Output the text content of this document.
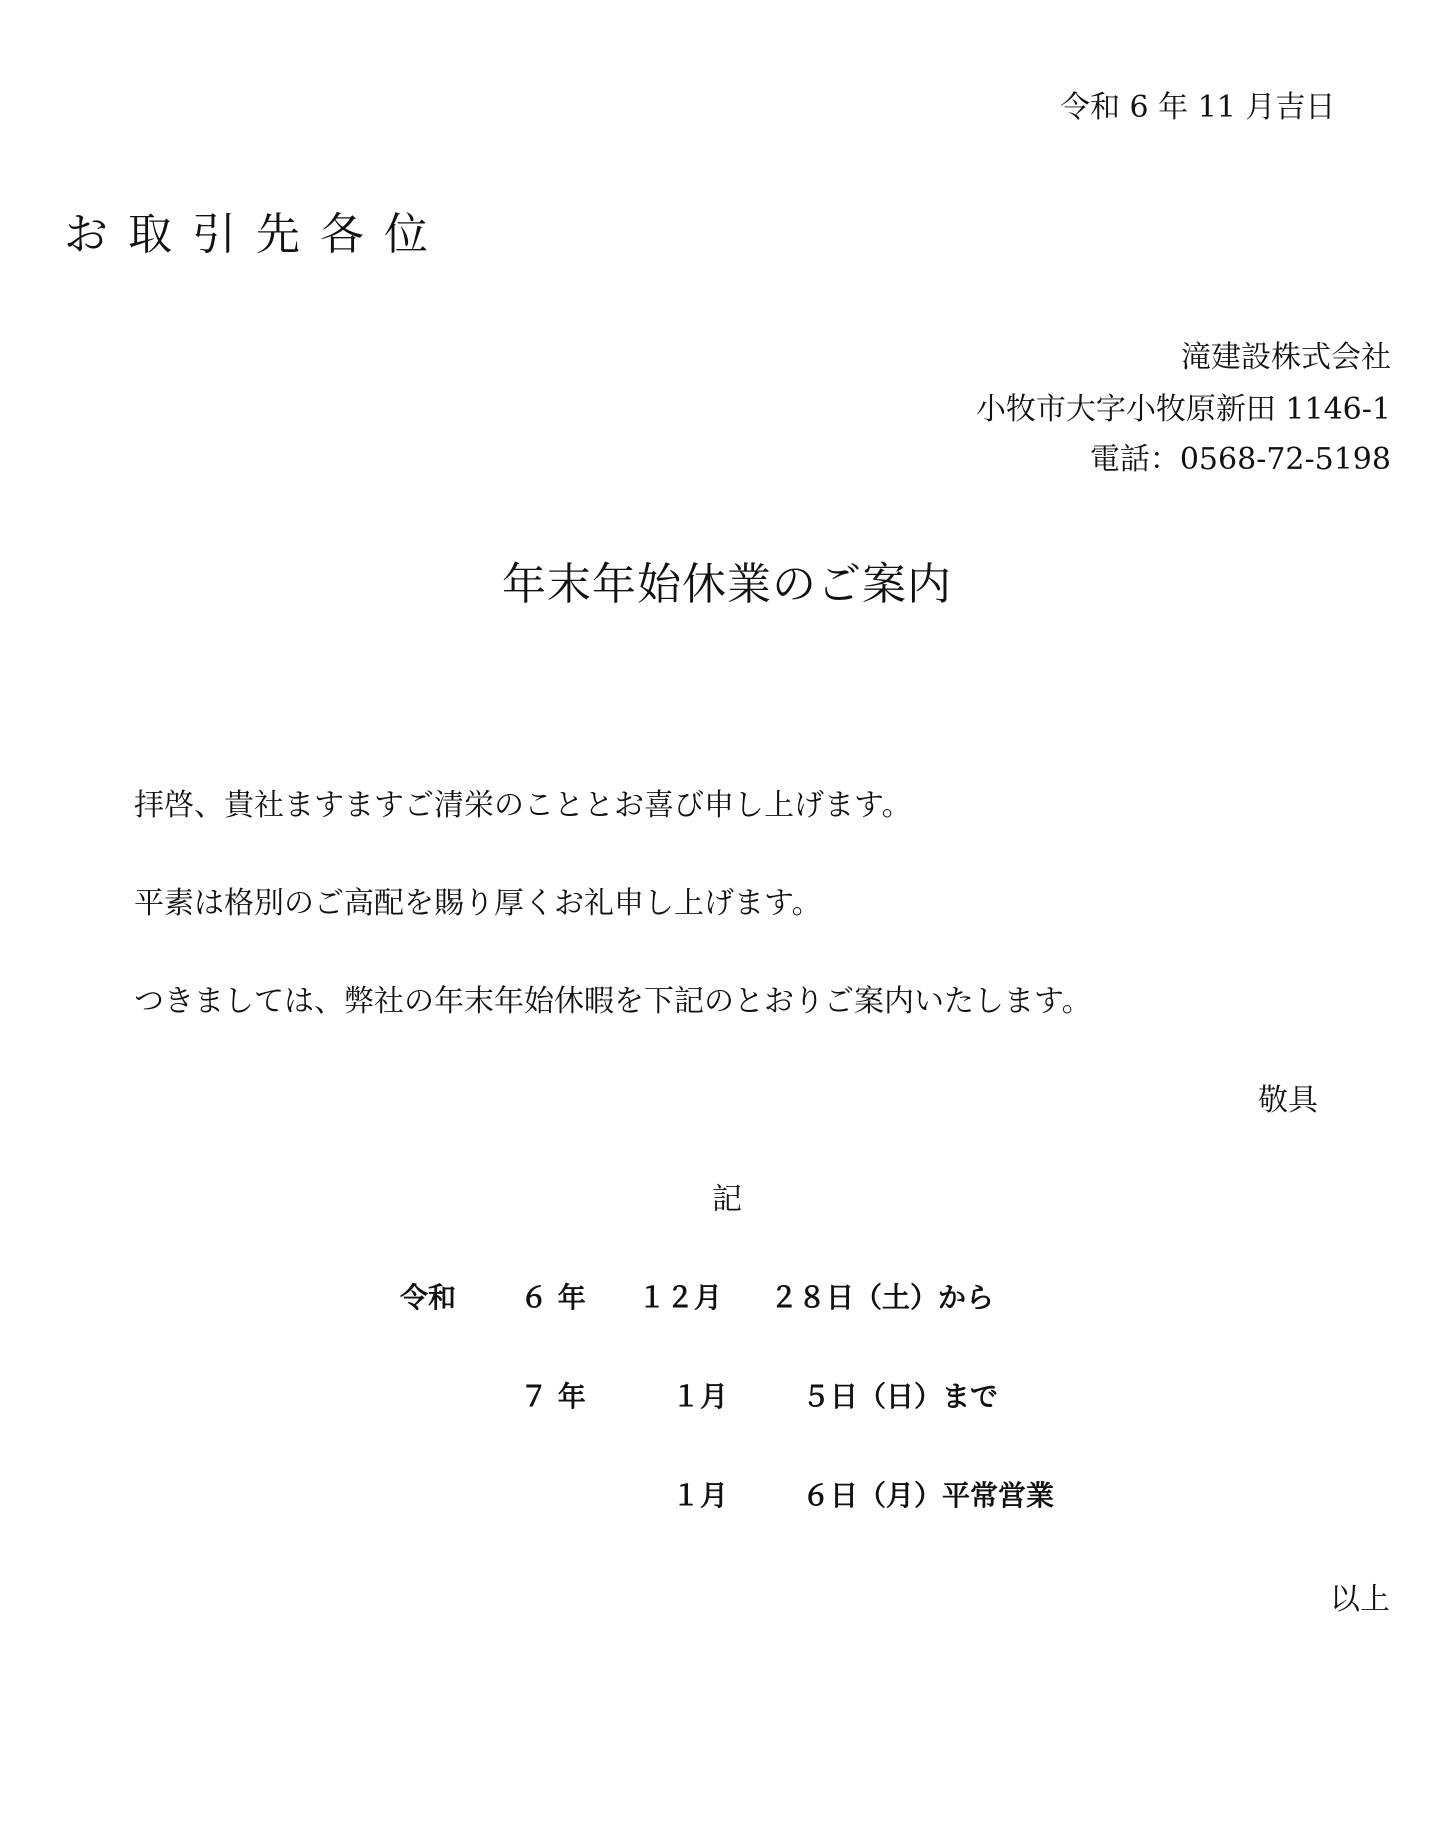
令和 6 年 11 月吉日
お取引先各位
滝建設株式会社
小牧市大字小牧原新田 1146-1
電話：0568-72-5198
年末年始休業のご案内
拝啓、貴社ますますご清栄のこととお喜び申し上げます。
平素は格別のご高配を賜り厚くお礼申し上げます。
つきましては、弊社の年末年始休暇を下記のとおりご案内いたします。
敬具
記
令和 ６ 年 １２月 ２８日（土）から
７ 年	１月	５日（日）まで
１月	６日（月）平常営業
以上
